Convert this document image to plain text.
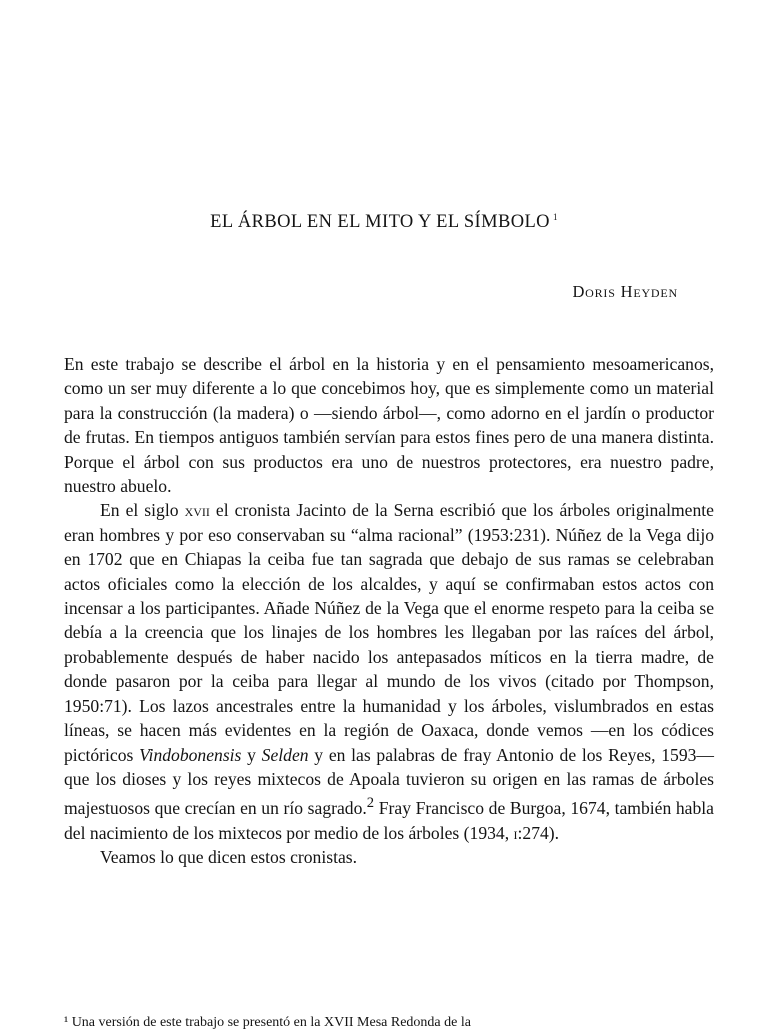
EL ÁRBOL EN EL MITO Y EL SÍMBOLO $^1$
Doris Heyden

En este trabajo se describe el árbol en la historia y en el pensamiento mesoamericanos, como un ser muy diferente a lo que concebimos hoy, que es simplemente como un material para la construcción (la madera) o —siendo árbol—, como adorno en el jardín o productor de frutas. En tiempos antiguos también servían para estos fines pero de una manera distinta. Porque el árbol con sus productos era uno de nuestros protectores, era nuestro padre, nuestro abuelo.

En el siglo xvii el cronista Jacinto de la Serna escribió que los árboles originalmente eran hombres y por eso conservaban su “alma racional” (1953:231). Núñez de la Vega dijo en 1702 que en Chiapas la ceiba fue tan sagrada que debajo de sus ramas se celebraban actos oficiales como la elección de los alcaldes, y aquí se confirmaban estos actos con incensar a los participantes. Añade Núñez de la Vega que el enorme respeto para la ceiba se debía a la creencia que los linajes de los hombres les llegaban por las raíces del árbol, probablemente después de haber nacido los antepasados míticos en la tierra madre, de donde pasaron por la ceiba para llegar al mundo de los vivos (citado por Thompson, 1950:71). Los lazos ancestrales entre la humanidad y los árboles, vislumbrados en estas líneas, se hacen más evidentes en la región de Oaxaca, donde vemos —en los códices pictóricos Vindobonensis y Selden y en las palabras de fray Antonio de los Reyes, 1593— que los dioses y los reyes mixtecos de Apoala tuvieron su origen en las ramas de árboles majestuosos que crecían en un río sagrado.$^2$ Fray Francisco de Burgoa, 1674, también habla del nacimiento de los mixtecos por medio de los árboles (1934, i:274).

Veamos lo que dicen estos cronistas.

¹ Una versión de este trabajo se presentó en la XVII Mesa Redonda de la
